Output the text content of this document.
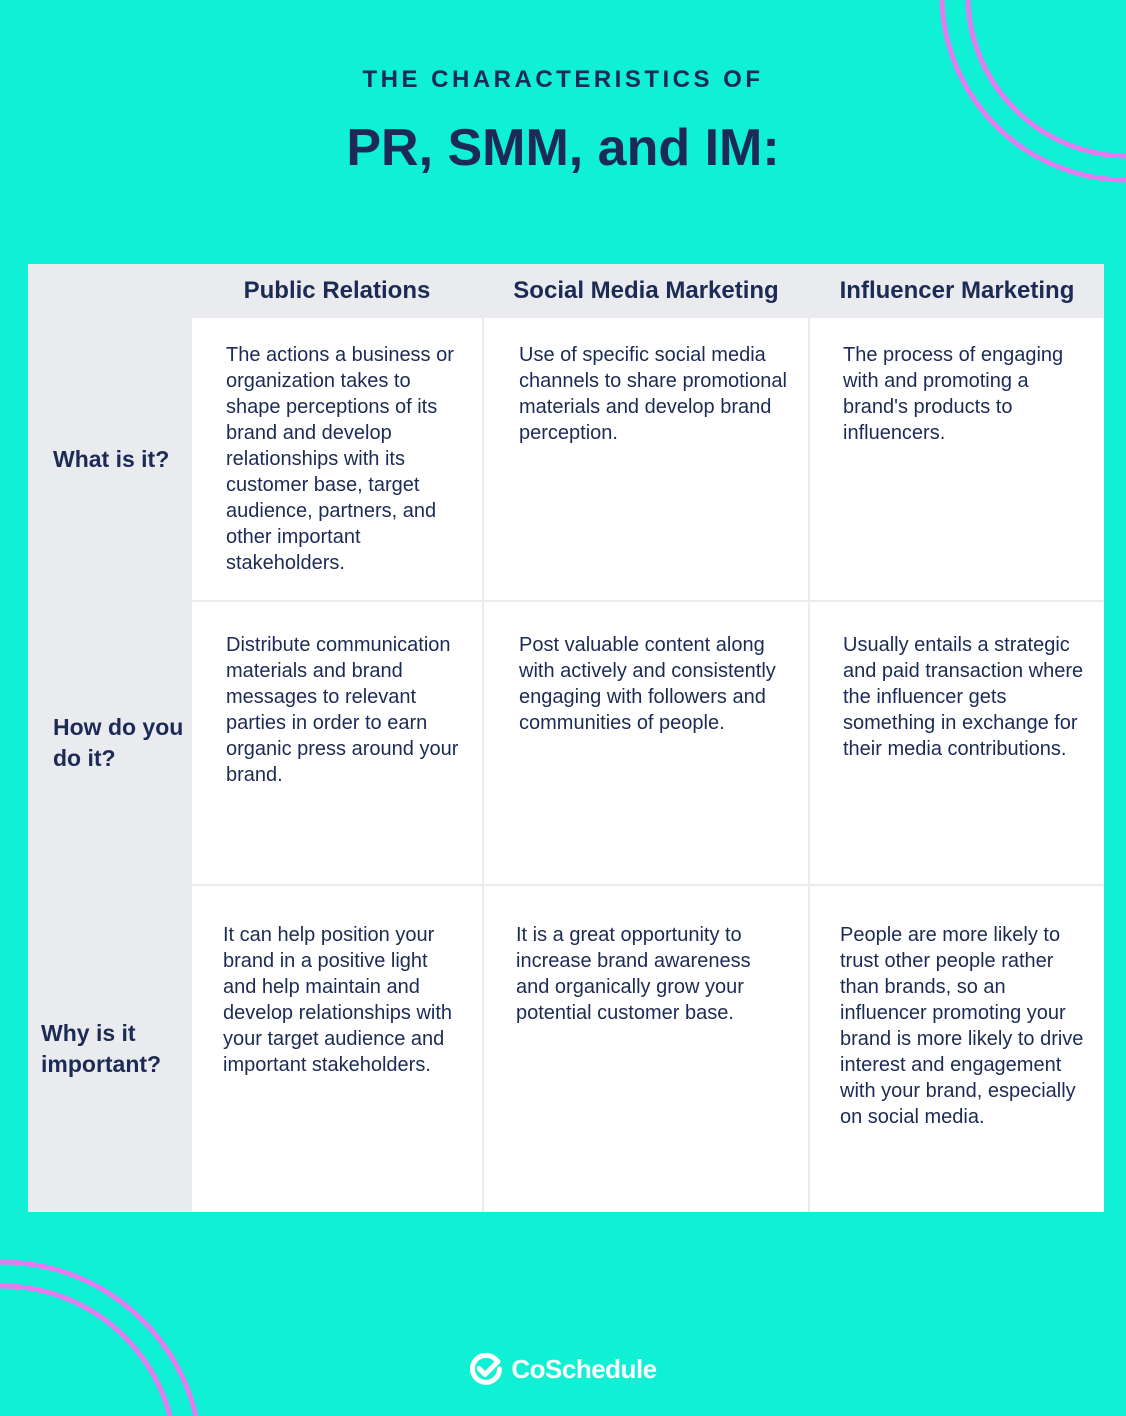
THE CHARACTERISTICS OF
PR, SMM, and IM:
Public Relations	Social Media Marketing	Influencer Marketing
What is it?
How do you do it?
Why is it important?
The actions a business or organization takes to shape perceptions of its brand and develop relationships with its customer base, target audience, partners, and other important stakeholders.
Use of specific social media channels to share promotional materials and develop brand perception.
The process of engaging with and promoting a brand's products to influencers.
Distribute communication materials and brand messages to relevant parties in order to earn organic press around your brand.
Post valuable content along with actively and consistently engaging with followers and communities of people.
Usually entails a strategic and paid transaction where the influencer gets something in exchange for their media contributions.
It can help position your brand in a positive light and help maintain and develop relationships with your target audience and important stakeholders.
It is a great opportunity to increase brand awareness and organically grow your potential customer base.
People are more likely to trust other people rather than brands, so an influencer promoting your brand is more likely to drive interest and engagement with your brand, especially on social media.
CoSchedule
